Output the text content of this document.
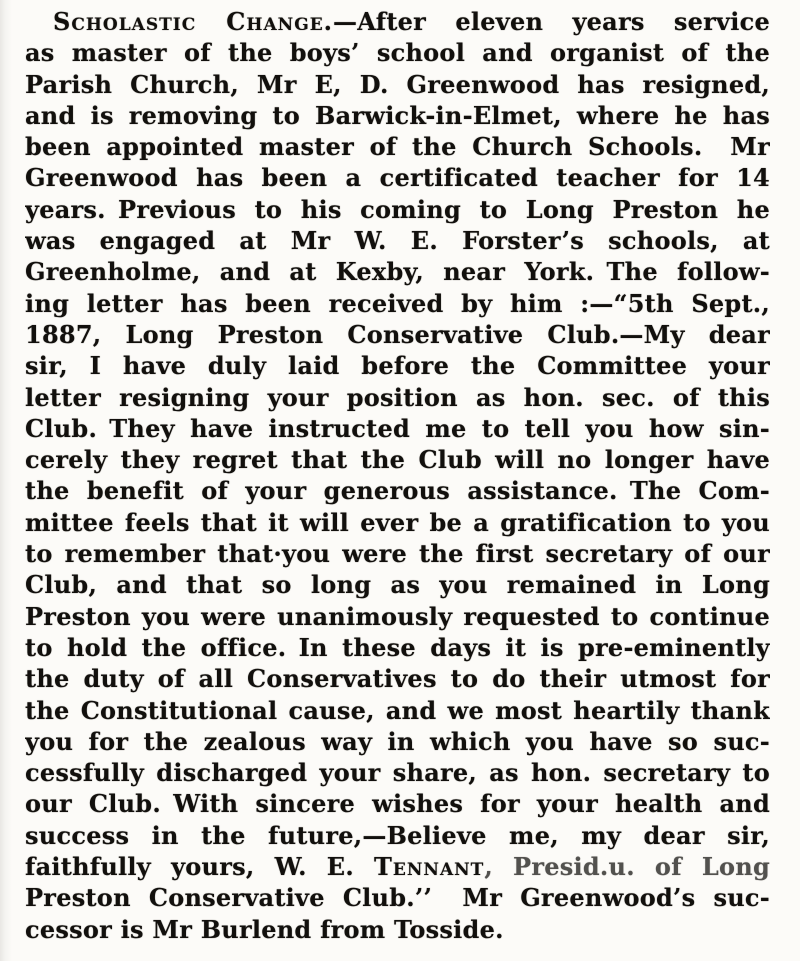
Scholastic Change.—After eleven years service
as master of the boys’ school and organist of the
Parish Church, Mr E, D. Greenwood has resigned,
and is removing to Barwick-in-Elmet, where he has
been appointed master of the Church Schools.  Mr
Greenwood has been a certificated teacher for 14
years. Previous to his coming to Long Preston he
was engaged at Mr W. E. Forster’s schools, at
Greenholme, and at Kexby, near York. The follow-
ing letter has been received by him :—“5th Sept.,
1887, Long Preston Conservative Club.—My dear
sir, I have duly laid before the Committee your
letter resigning your position as hon. sec. of this
Club. They have instructed me to tell you how sin-
cerely they regret that the Club will no longer have
the benefit of your generous assistance. The Com-
mittee feels that it will ever be a gratification to you
to remember that·you were the first secretary of our
Club, and that so long as you remained in Long
Preston you were unanimously requested to continue
to hold the office. In these days it is pre-eminently
the duty of all Conservatives to do their utmost for
the Constitutional cause, and we most heartily thank
you for the zealous way in which you have so suc-
cessfully discharged your share, as hon. secretary to
our Club. With sincere wishes for your health and
success in the future,—Believe me, my dear sir,
faithfully yours, W. E. Tennant, Presid.u. of Long
Preston Conservative Club.’’  Mr Greenwood’s suc-
cessor is Mr Burlend from Tosside.
